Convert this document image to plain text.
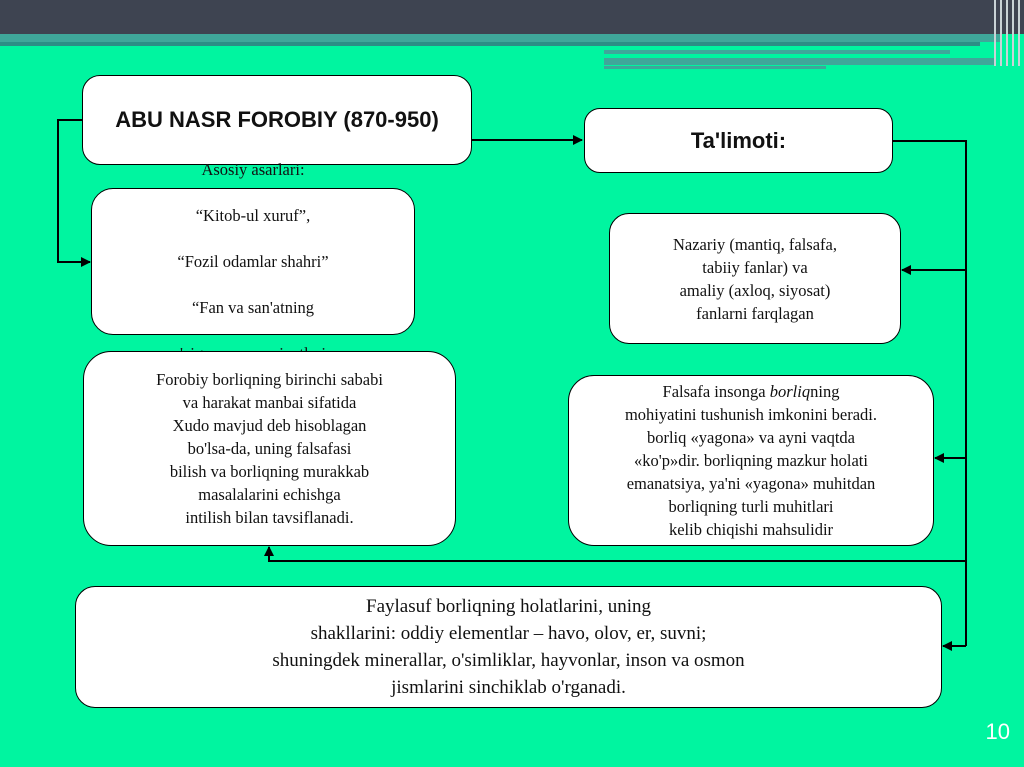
ABU NASR FOROBIY (870-950)
Ta'limoti:

Asosiy asarlari:

“Kitob-ul xuruf”,

“Fozil odamlar shahri”

“Fan va san'atning

Nazariy (mantiq, falsafa,
tabiiy fanlar) va
amaliy (axloq, siyosat)
fanlarni farqlagan
Forobiy borliqning birinchi sababi
va harakat manbai sifatida
Xudo mavjud deb hisoblagan
bo'lsa-da, uning falsafasi
bilish va borliqning murakkab
masalalarini echishga
intilish bilan tavsiflanadi.
Falsafa insonga borliqning
mohiyatini tushunish imkonini beradi.
borliq «yagona» va ayni vaqtda
«ko'p»dir. borliqning mazkur holati
emanatsiya, ya'ni «yagona» muhitdan
borliqning turli muhitlari
kelib chiqishi mahsulidir
Faylasuf borliqning holatlarini, uning
shakllarini: oddiy elementlar – havo, olov, er, suvni;
shuningdek minerallar, o'simliklar, hayvonlar, inson va osmon
jismlarini sinchiklab o'rganadi.
10
